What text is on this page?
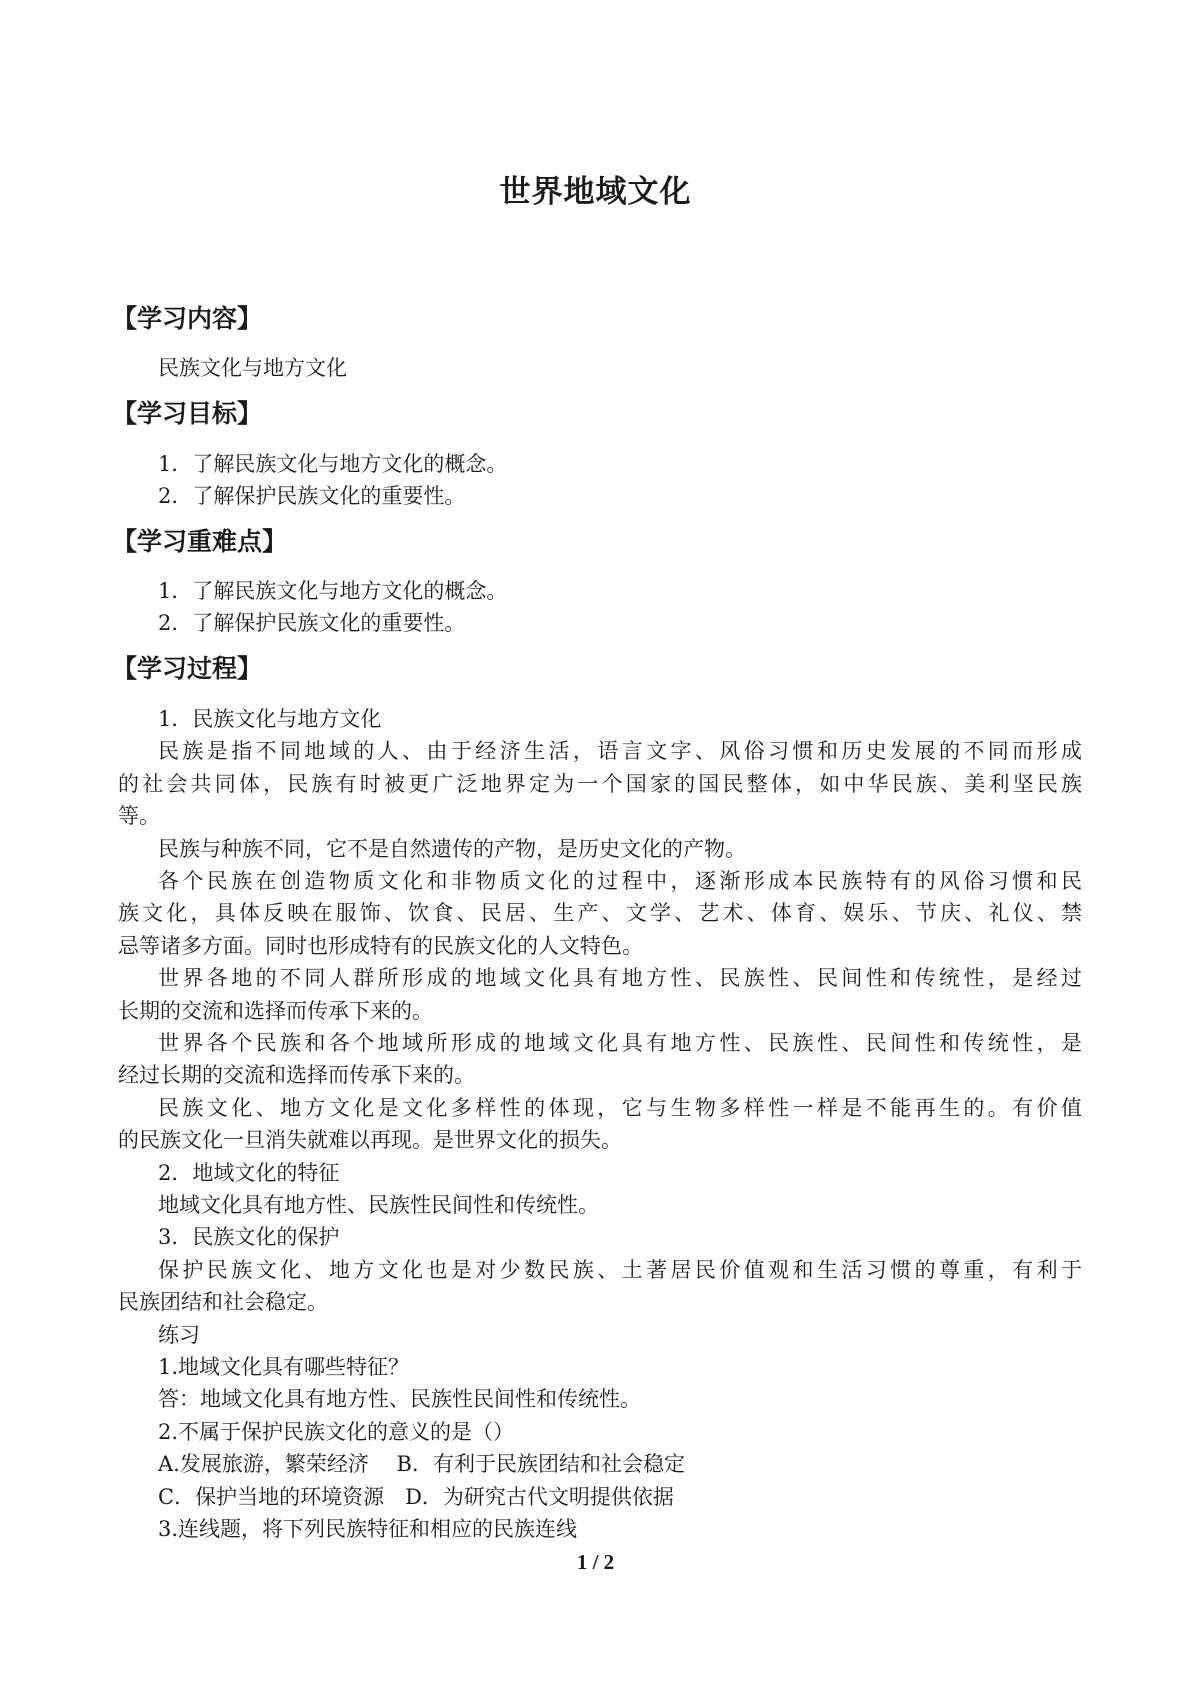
世界地域文化
【学习内容】
民族文化与地方文化
【学习目标】
1．了解民族文化与地方文化的概念。
2．了解保护民族文化的重要性。
【学习重难点】
1．了解民族文化与地方文化的概念。
2．了解保护民族文化的重要性。
【学习过程】
1．民族文化与地方文化
民族是指不同地域的人、由于经济生活，语言文字、风俗习惯和历史发展的不同而形成
的社会共同体，民族有时被更广泛地界定为一个国家的国民整体，如中华民族、美利坚民族
等。
民族与种族不同，它不是自然遗传的产物，是历史文化的产物。
各个民族在创造物质文化和非物质文化的过程中，逐渐形成本民族特有的风俗习惯和民
族文化，具体反映在服饰、饮食、民居、生产、文学、艺术、体育、娱乐、节庆、礼仪、禁
忌等诸多方面。同时也形成特有的民族文化的人文特色。
世界各地的不同人群所形成的地域文化具有地方性、民族性、民间性和传统性，是经过
长期的交流和选择而传承下来的。
世界各个民族和各个地域所形成的地域文化具有地方性、民族性、民间性和传统性，是
经过长期的交流和选择而传承下来的。
民族文化、地方文化是文化多样性的体现，它与生物多样性一样是不能再生的。有价值
的民族文化一旦消失就难以再现。是世界文化的损失。
2．地域文化的特征
地域文化具有地方性、民族性民间性和传统性。
3．民族文化的保护
保护民族文化、地方文化也是对少数民族、土著居民价值观和生活习惯的尊重，有利于
民族团结和社会稳定。
练习
1.地域文化具有哪些特征？
答：地域文化具有地方性、民族性民间性和传统性。
2.不属于保护民族文化的意义的是（）
A.发展旅游，繁荣经济　 B．有利于民族团结和社会稳定
C．保护当地的环境资源　D．为研究古代文明提供依据
3.连线题，将下列民族特征和相应的民族连线
1 / 2
